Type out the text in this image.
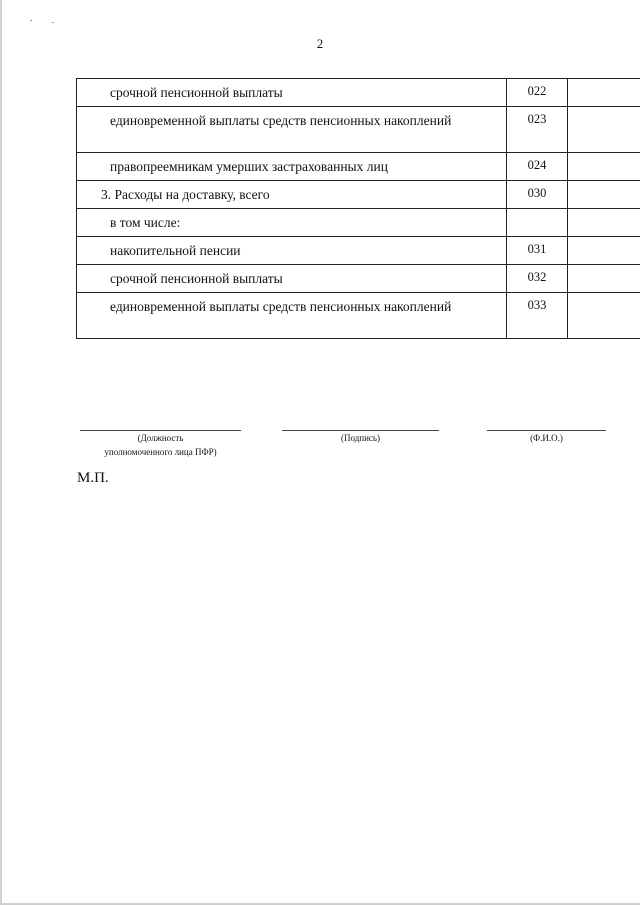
2
срочной пенсионной выплаты	022	
единовременной выплаты средств пенсионных накоплений	023	
правопреемникам умерших застрахованных лиц	024	
3. Расходы на доставку, всего	030	
в том числе:		
накопительной пенсии	031	
срочной пенсионной выплаты	032	
единовременной выплаты средств пенсионных накоплений	033	
(Должность
уполномоченного лица ПФР)
(Подпись)	(Ф.И.О.)
М.П.
